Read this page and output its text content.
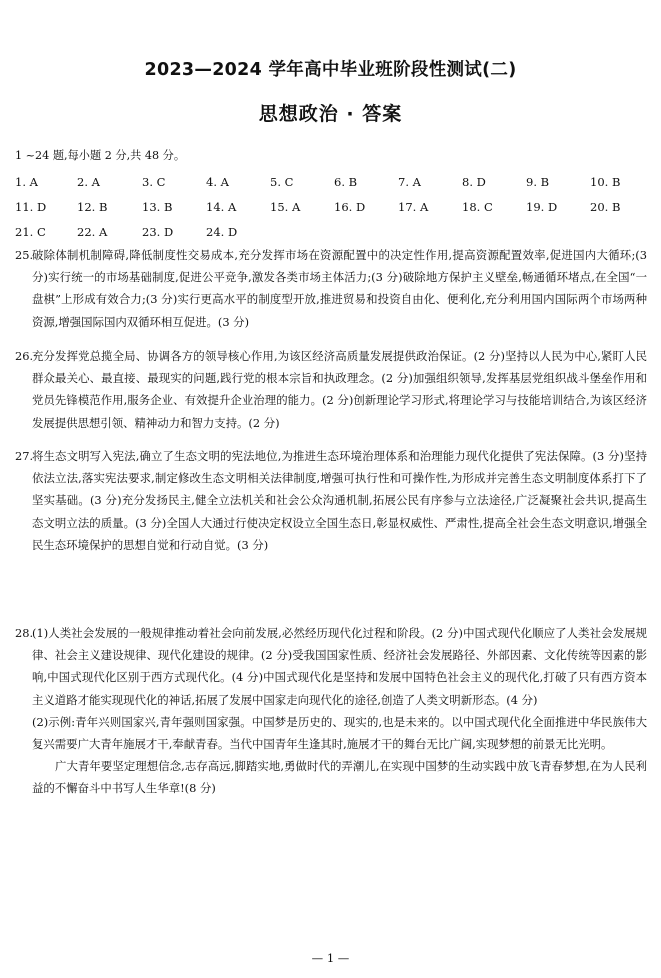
2023—2024 学年高中毕业班阶段性测试(二)
思想政治 · 答案
1 ~24 题,每小题 2 分,共 48 分。
1. A	2. A	3. C	4. A	5. C	6. B	7. A	8. D	9. B	10. B
11. D	12. B	13. B	14. A	15. A	16. D	17. A	18. C	19. D	20. B
21. C	22. A	23. D	24. D
25.

破除体制机制障碍,降低制度性交易成本,充分发挥市场在资源配置中的决定性作用,提高资源配置效率,促进国内大循环;(3 分)实行统一的市场基础制度,促进公平竞争,激发各类市场主体活力;(3 分)破除地方保护主义壁垒,畅通循环堵点,在全国“一盘棋”上形成有效合力;(3 分)实行更高水平的制度型开放,推进贸易和投资自由化、便利化,充分利用国内国际两个市场两种资源,增强国际国内双循环相互促进。(3 分)

26.

充分发挥党总揽全局、协调各方的领导核心作用,为该区经济高质量发展提供政治保证。(2 分)坚持以人民为中心,紧盯人民群众最关心、最直接、最现实的问题,践行党的根本宗旨和执政理念。(2 分)加强组织领导,发挥基层党组织战斗堡垒作用和党员先锋模范作用,服务企业、有效提升企业治理的能力。(2 分)创新理论学习形式,将理论学习与技能培训结合,为该区经济发展提供思想引领、精神动力和智力支持。(2 分)

27.

将生态文明写入宪法,确立了生态文明的宪法地位,为推进生态环境治理体系和治理能力现代化提供了宪法保障。(3 分)坚持依法立法,落实宪法要求,制定修改生态文明相关法律制度,增强可执行性和可操作性,为形成并完善生态文明制度体系打下了坚实基础。(3 分)充分发扬民主,健全立法机关和社会公众沟通机制,拓展公民有序参与立法途径,广泛凝聚社会共识,提高生态文明立法的质量。(3 分)全国人大通过行使决定权设立全国生态日,彰显权威性、严肃性,提高全社会生态文明意识,增强全民生态环境保护的思想自觉和行动自觉。(3 分)

28.

(1)人类社会发展的一般规律推动着社会向前发展,必然经历现代化过程和阶段。(2 分)中国式现代化顺应了人类社会发展规律、社会主义建设规律、现代化建设的规律。(2 分)受我国国家性质、经济社会发展路径、外部因素、文化传统等因素的影响,中国式现代化区别于西方式现代化。(4 分)中国式现代化是坚持和发展中国特色社会主义的现代化,打破了只有西方资本主义道路才能实现现代化的神话,拓展了发展中国家走向现代化的途径,创造了人类文明新形态。(4 分)

(2)示例:青年兴则国家兴,青年强则国家强。中国梦是历史的、现实的,也是未来的。以中国式现代化全面推进中华民族伟大复兴需要广大青年施展才干,奉献青春。当代中国青年生逢其时,施展才干的舞台无比广阔,实现梦想的前景无比光明。

广大青年要坚定理想信念,志存高远,脚踏实地,勇做时代的弄潮儿,在实现中国梦的生动实践中放飞青春梦想,在为人民利益的不懈奋斗中书写人生华章!(8 分)

— 1 —
